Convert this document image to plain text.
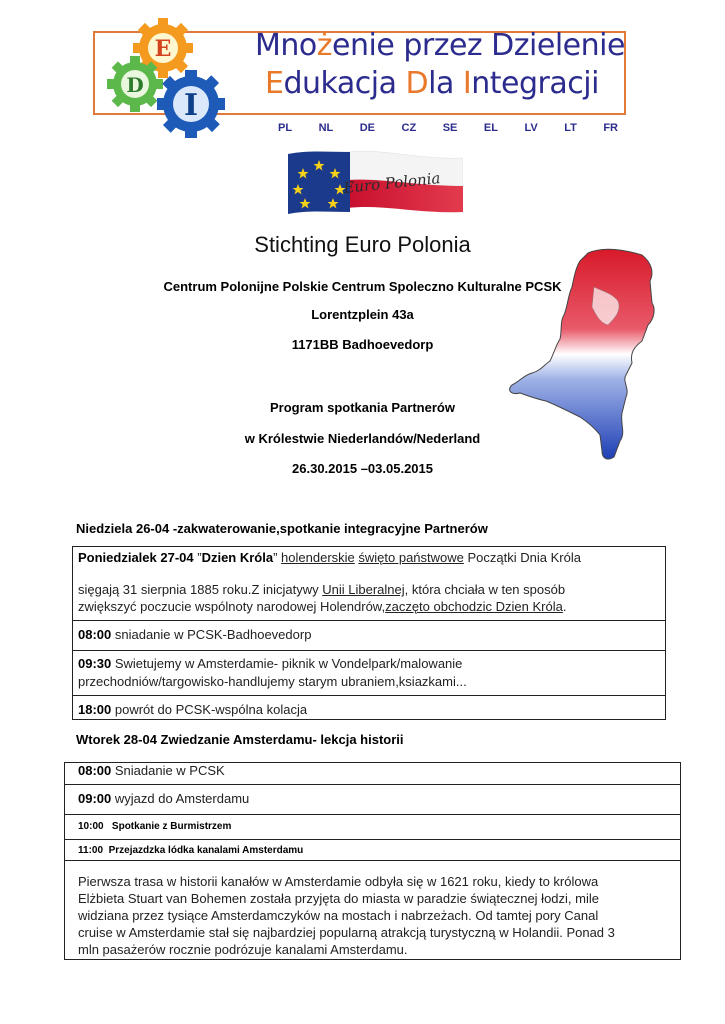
E
D
I
Mnożenie przez Dzielenie
Edukacja Dla Integracji
PL NL DE CZ SE EL LV LT FR
Euro Polonia
Stichting Euro Polonia
Centrum Polonijne Polskie Centrum Spoleczno Kulturalne PCSK
Lorentzplein 43a
1171BB Badhoevedorp
Program spotkania Partnerów
w Królestwie Niederlandów/Nederland
26.30.2015 –03.05.2015
Niedziela 26-04 -zakwaterowanie,spotkanie integracyjne Partnerów
Poniedzialek 27-04 ”Dzien Króla” holenderskie święto państwowe Początki Dnia Króla
sięgają 31 sierpnia 1885 roku.Z inicjatywy Unii Liberalnej, która chciała w ten sposób
zwiększyć poczucie wspólnoty narodowej Holendrów,zaczęto obchodzic Dzien Króla.
08:00 sniadanie w PCSK-Badhoevedorp
09:30 Swietujemy w Amsterdamie- piknik w Vondelpark/malowanie
przechodniów/targowisko-handlujemy starym ubraniem,ksiazkami...
18:00 powrót do PCSK-wspólna kolacja
Wtorek 28-04 Zwiedzanie Amsterdamu- lekcja historii
08:00 Sniadanie w PCSK
09:00 wyjazd do Amsterdamu
10:00   Spotkanie z Burmistrzem
11:00  Przejazdzka lódka kanalami Amsterdamu
Pierwsza trasa w historii kanałów w Amsterdamie odbyła się w 1621 roku, kiedy to królowa
Elżbieta Stuart van Bohemen została przyjęta do miasta w paradzie świątecznej łodzi, mile
widziana przez tysiące Amsterdamczyków na mostach i nabrzeżach. Od tamtej pory Canal
cruise w Amsterdamie stał się najbardziej popularną atrakcją turystyczną w Holandii. Ponad 3
mln pasażerów rocznie podrózuje kanalami Amsterdamu.
